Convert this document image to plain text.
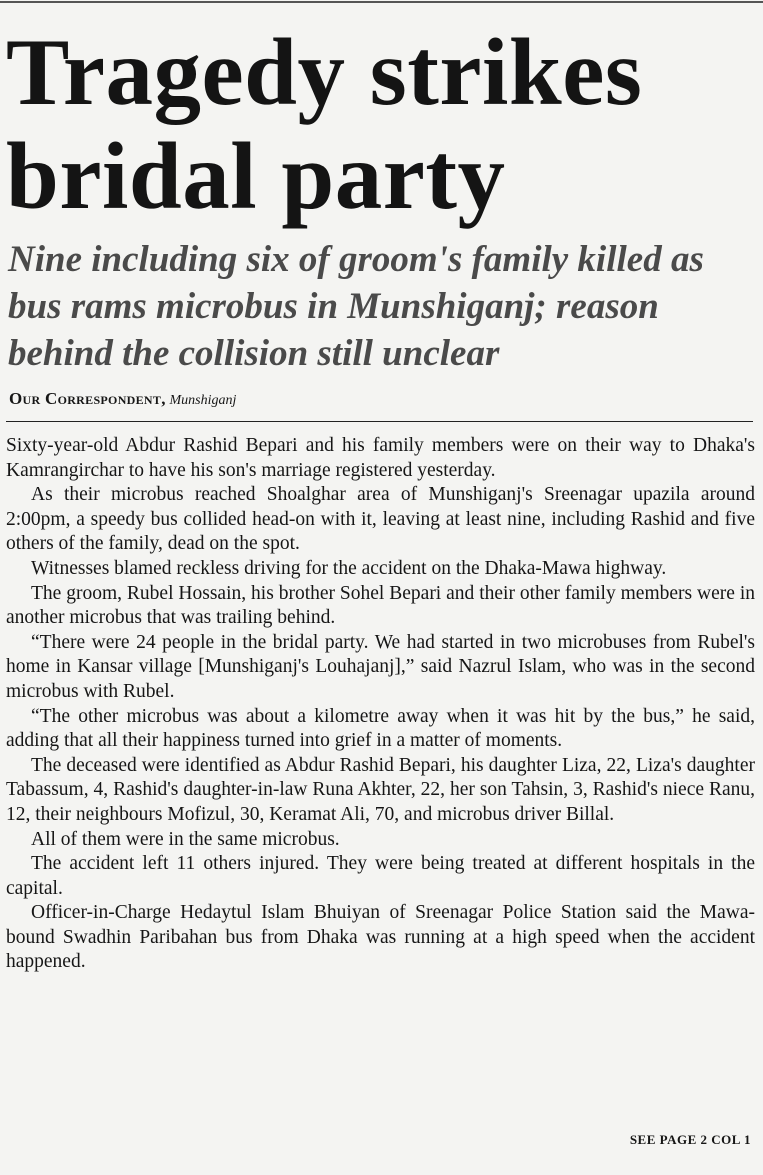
Tragedy strikes bridal party
Nine including six of groom's family killed as bus rams microbus in Munshiganj; reason behind the collision still unclear
Our Correspondent, Munshiganj

Sixty-year-old Abdur Rashid Bepari and his family members were on their way to Dhaka's Kamrangirchar to have his son's marriage registered yesterday.

As their microbus reached Shoalghar area of Munshiganj's Sreenagar upazila around 2:00pm, a speedy bus collided head-on with it, leaving at least nine, including Rashid and five others of the family, dead on the spot.

Witnesses blamed reckless driving for the accident on the Dhaka-Mawa highway.

The groom, Rubel Hossain, his brother Sohel Bepari and their other family members were in another microbus that was trailing behind.

“There were 24 people in the bridal party. We had started in two microbuses from Rubel's home in Kansar village [Munshiganj's Louhajanj],” said Nazrul Islam, who was in the second microbus with Rubel.

“The other microbus was about a kilometre away when it was hit by the bus,” he said, adding that all their happiness turned into grief in a matter of moments.

The deceased were identified as Abdur Rashid Bepari, his daughter Liza, 22, Liza's daughter Tabassum, 4, Rashid's daughter-in-law Runa Akhter, 22, her son Tahsin, 3, Rashid's niece Ranu, 12, their neighbours Mofizul, 30, Keramat Ali, 70, and microbus driver Billal.

All of them were in the same microbus.

The accident left 11 others injured. They were being treated at different hospitals in the capital.

Officer-in-Charge Hedaytul Islam Bhuiyan of Sreenagar Police Station said the Mawa-bound Swadhin Paribahan bus from Dhaka was running at a high speed when the accident happened.

SEE PAGE 2 COL 1
